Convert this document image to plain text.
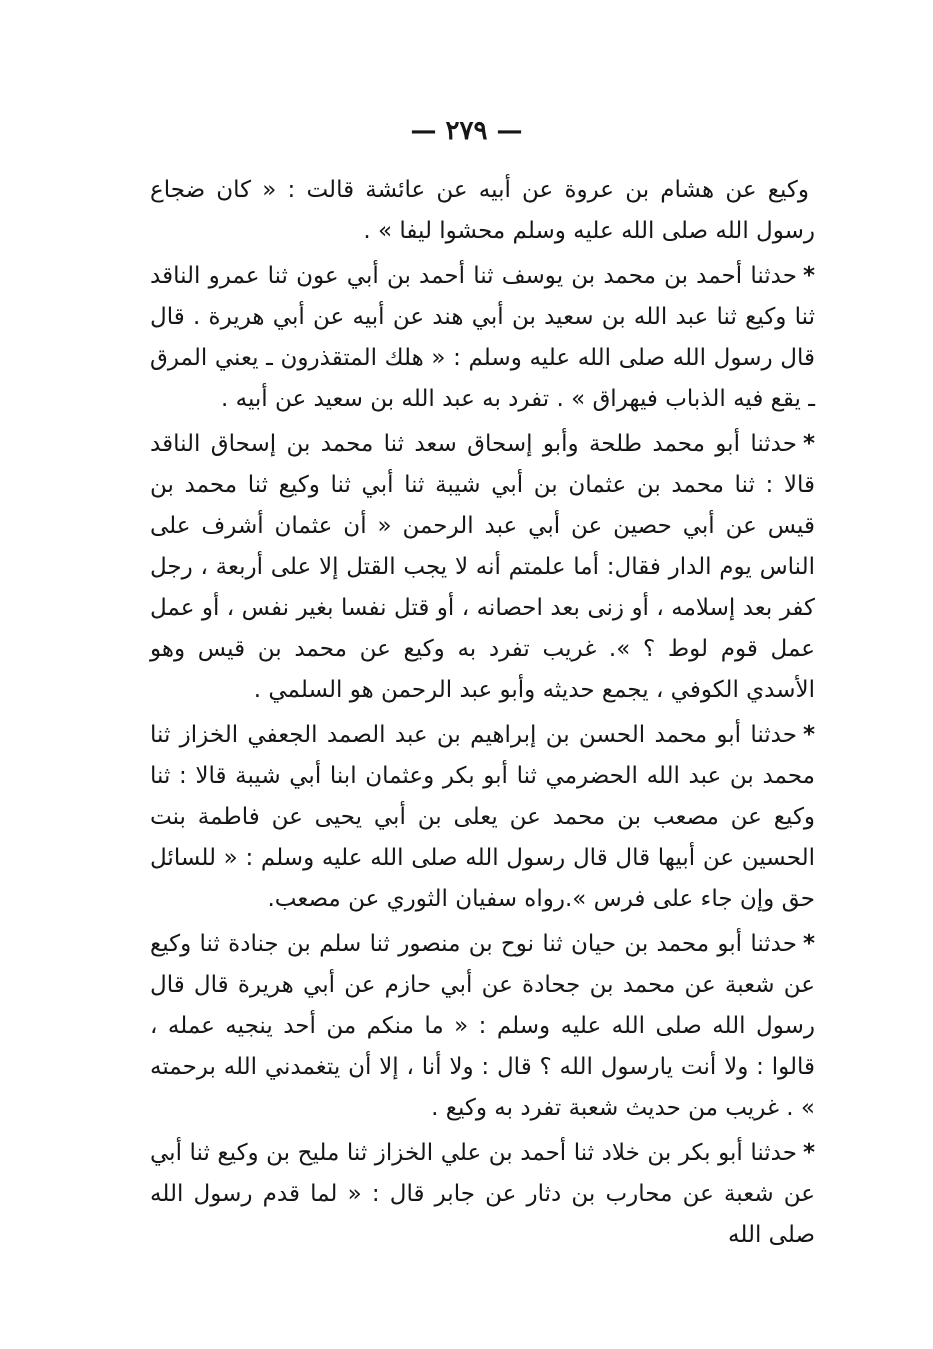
— ٢٧٩ —

وكيع عن هشام بن عروة عن أبيه عن عائشة قالت : « كان ضجاع رسول الله صلى الله عليه وسلم محشوا ليفا » .

*حدثنا أحمد بن محمد بن يوسف ثنا أحمد بن أبي عون ثنا عمرو الناقد ثنا وكيع ثنا عبد الله بن سعيد بن أبي هند عن أبيه عن أبي هريرة . قال قال رسول الله صلى الله عليه وسلم : « هلك المتقذرون ـ يعني المرق ـ يقع فيه الذباب فيهراق » . تفرد به عبد الله بن سعيد عن أبيه .

*حدثنا أبو محمد طلحة وأبو إسحاق سعد ثنا محمد بن إسحاق الناقد قالا : ثنا محمد بن عثمان بن أبي شيبة ثنا أبي ثنا وكيع ثنا محمد بن قيس عن أبي حصين عن أبي عبد الرحمن « أن عثمان أشرف على الناس يوم الدار فقال: أما علمتم أنه لا يجب القتل إلا على أربعة ، رجل كفر بعد إسلامه ، أو زنى بعد احصانه ، أو قتل نفسا بغير نفس ، أو عمل عمل قوم لوط ؟ ». غريب تفرد به وكيع عن محمد بن قيس وهو الأسدي الكوفي ، يجمع حديثه وأبو عبد الرحمن هو السلمي .

*حدثنا أبو محمد الحسن بن إبراهيم بن عبد الصمد الجعفي الخزاز ثنا محمد بن عبد الله الحضرمي ثنا أبو بكر وعثمان ابنا أبي شيبة قالا : ثنا وكيع عن مصعب بن محمد عن يعلى بن أبي يحيى عن فاطمة بنت الحسين عن أبيها قال قال رسول الله صلى الله عليه وسلم : « للسائل حق وإن جاء على فرس ».رواه سفيان الثوري عن مصعب.

*حدثنا أبو محمد بن حيان ثنا نوح بن منصور ثنا سلم بن جنادة ثنا وكيع عن شعبة عن محمد بن جحادة عن أبي حازم عن أبي هريرة قال قال رسول الله صلى الله عليه وسلم : « ما منكم من أحد ينجيه عمله ، قالوا : ولا أنت يارسول الله ؟ قال : ولا أنا ، إلا أن يتغمدني الله برحمته » . غريب من حديث شعبة تفرد به وكيع .

*حدثنا أبو بكر بن خلاد ثنا أحمد بن علي الخزاز ثنا مليح بن وكيع ثنا أبي عن شعبة عن محارب بن دثار عن جابر قال : « لما قدم رسول الله صلى الله
